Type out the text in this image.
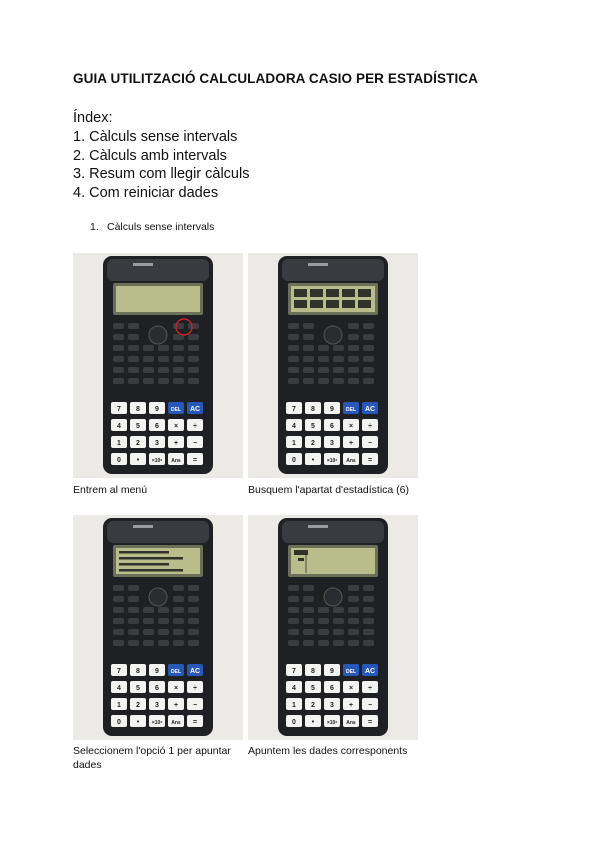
GUIA UTILITZACIÓ CALCULADORA CASIO PER ESTADÍSTICA
Índex:
1. Càlculs sense intervals
2. Càlculs amb intervals
3. Resum com llegir càlculs
4. Com reiniciar dades
1. Càlculs sense intervals
7 8 9 DEL AC
4 5 6 × ÷
1 2 3 + −
0 •	×10ˣ Ans =
7 8 9 DEL AC
4 5 6 × ÷
1 2 3 + −
0 •	×10ˣ Ans =
7 8 9 DEL AC
4 5 6 × ÷
1 2 3 + −
0 •	×10ˣ Ans =
7 8 9 DEL AC
4 5 6 × ÷
1 2 3 + −
0 •	×10ˣ Ans =
Entrem al menú	Busquem l'apartat d'estadística (6)
Seleccionem l'opció 1 per apuntar dades
Apuntem les dades corresponents
